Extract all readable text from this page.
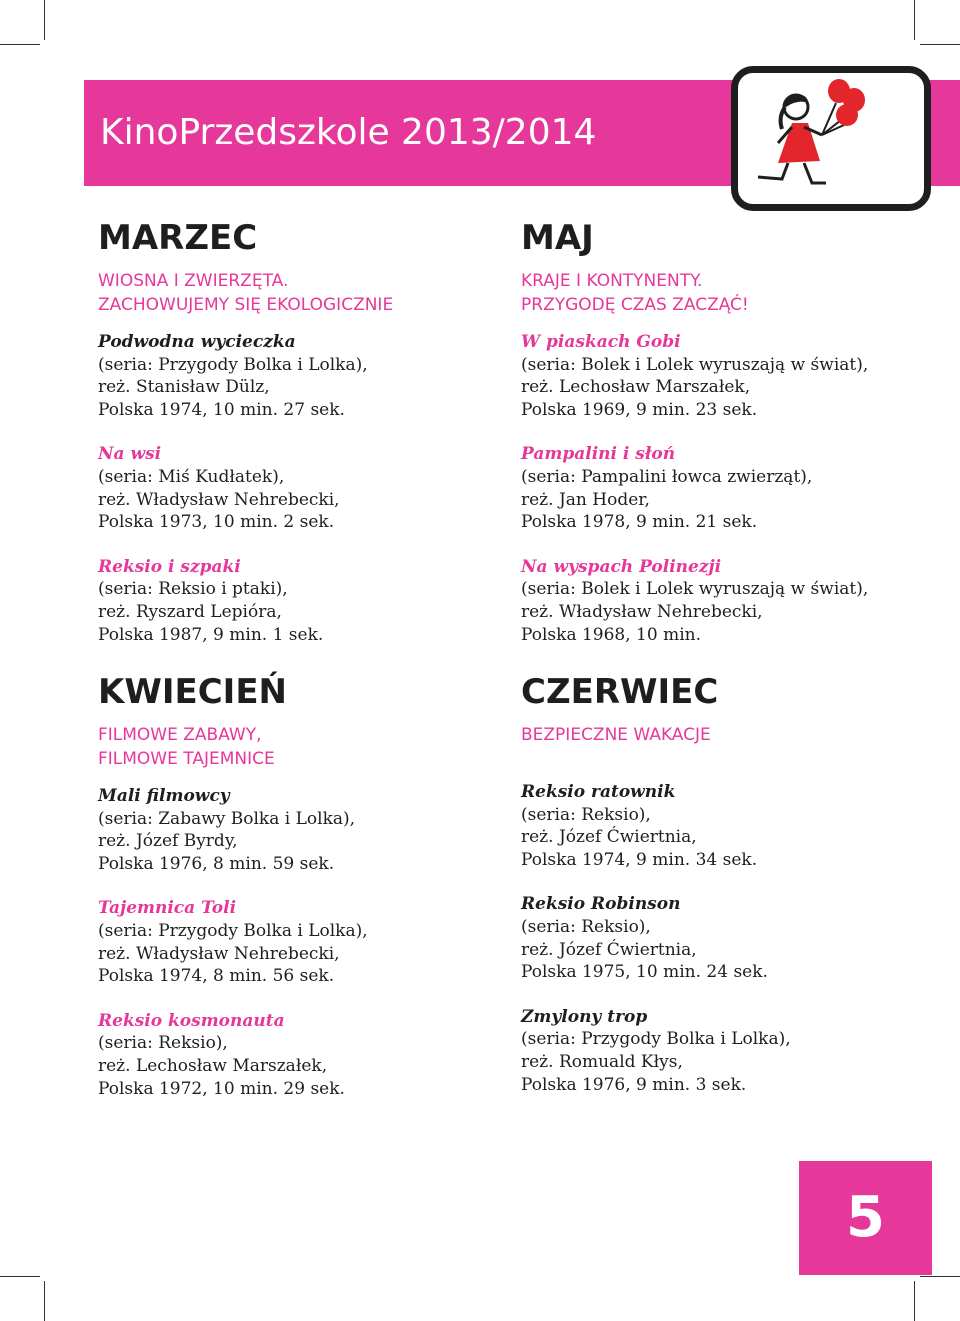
KinoPrzedszkole 2013/2014
MARZEC
WIOSNA I ZWIERZĘTA.
ZACHOWUJEMY SIĘ EKOLOGICZNIE
Podwodna wycieczka
(seria: Przygody Bolka i Lolka),
reż. Stanisław Dülz,
Polska 1974, 10 min. 27 sek.
Na wsi
(seria: Miś Kudłatek),
reż. Władysław Nehrebecki,
Polska 1973, 10 min. 2 sek.
Reksio i szpaki
(seria: Reksio i ptaki),
reż. Ryszard Lepióra,
Polska 1987, 9 min. 1 sek.
KWIECIEŃ
FILMOWE ZABAWY,
FILMOWE TAJEMNICE
Mali filmowcy
(seria: Zabawy Bolka i Lolka),
reż. Józef Byrdy,
Polska 1976, 8 min. 59 sek.
Tajemnica Toli
(seria: Przygody Bolka i Lolka),
reż. Władysław Nehrebecki,
Polska 1974, 8 min. 56 sek.
Reksio kosmonauta
(seria: Reksio),
reż. Lechosław Marszałek,
Polska 1972, 10 min. 29 sek.
MAJ
KRAJE I KONTYNENTY.
PRZYGODĘ CZAS ZACZĄĆ!
W piaskach Gobi
(seria: Bolek i Lolek wyruszają w świat),
reż. Lechosław Marszałek,
Polska 1969, 9 min. 23 sek.
Pampalini i słoń
(seria: Pampalini łowca zwierząt),
reż. Jan Hoder,
Polska 1978, 9 min. 21 sek.
Na wyspach Polinezji
(seria: Bolek i Lolek wyruszają w świat),
reż. Władysław Nehrebecki,
Polska 1968, 10 min.
CZERWIEC
BEZPIECZNE WAKACJE
Reksio ratownik
(seria: Reksio),
reż. Józef Ćwiertnia,
Polska 1974, 9 min. 34 sek.
Reksio Robinson
(seria: Reksio),
reż. Józef Ćwiertnia,
Polska 1975, 10 min. 24 sek.
Zmylony trop
(seria: Przygody Bolka i Lolka),
reż. Romuald Kłys,
Polska 1976, 9 min. 3 sek.
5
